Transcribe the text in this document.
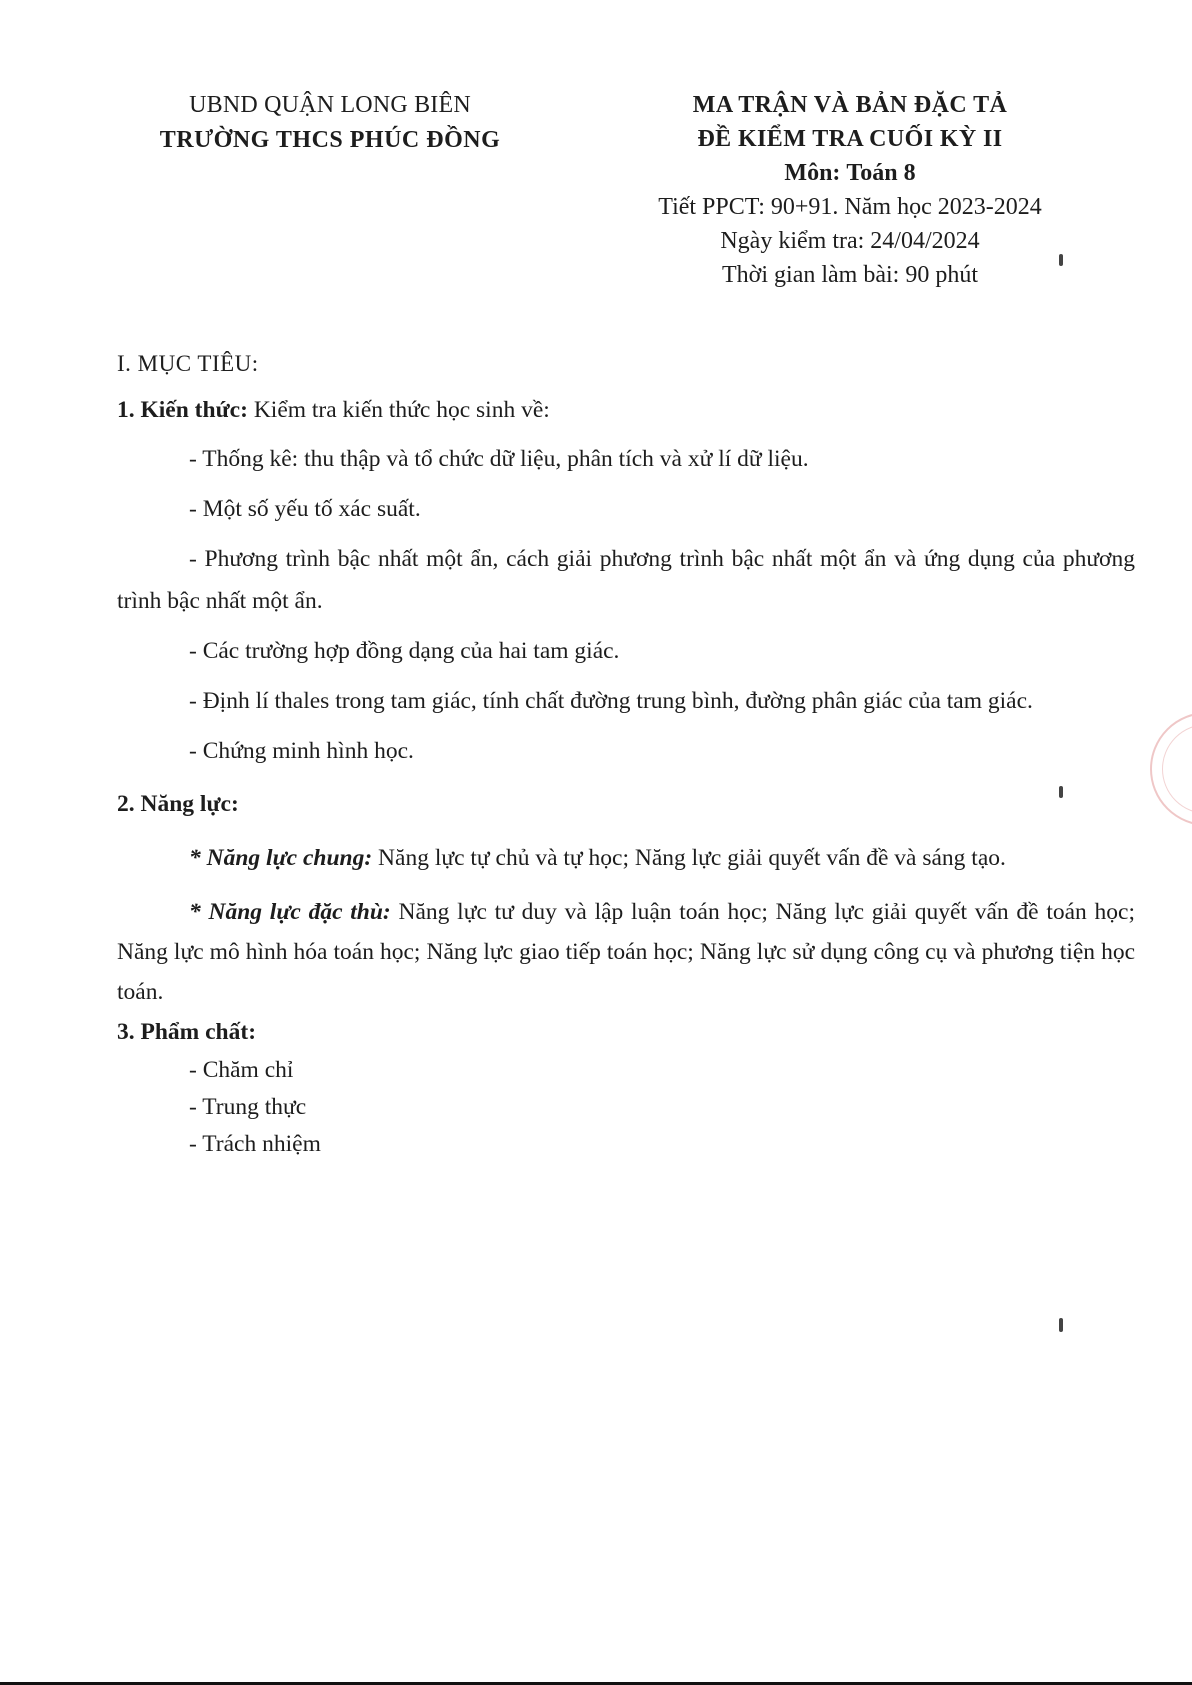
UBND QUẬN LONG BIÊN
TRƯỜNG THCS PHÚC ĐỒNG
MA TRẬN VÀ BẢN ĐẶC TẢ
ĐỀ KIỂM TRA CUỐI KỲ II
Môn: Toán 8
Tiết PPCT: 90+91. Năm học 2023-2024
Ngày kiểm tra: 24/04/2024
Thời gian làm bài: 90 phút

I. MỤC TIÊU:

1. Kiến thức: Kiểm tra kiến thức học sinh về:

- Thống kê: thu thập và tổ chức dữ liệu, phân tích và xử lí dữ liệu.

- Một số yếu tố xác suất.

- Phương trình bậc nhất một ẩn, cách giải phương trình bậc nhất một ẩn và ứng dụng của phương trình bậc nhất một ẩn.

- Các trường hợp đồng dạng của hai tam giác.

- Định lí thales trong tam giác, tính chất đường trung bình, đường phân giác của tam giác.

- Chứng minh hình học.

2. Năng lực:

* Năng lực chung: Năng lực tự chủ và tự học; Năng lực giải quyết vấn đề và sáng tạo.

* Năng lực đặc thù: Năng lực tư duy và lập luận toán học; Năng lực giải quyết vấn đề toán học; Năng lực mô hình hóa toán học; Năng lực giao tiếp toán học; Năng lực sử dụng công cụ và phương tiện học toán.

3. Phẩm chất:

- Chăm chỉ

- Trung thực

- Trách nhiệm
